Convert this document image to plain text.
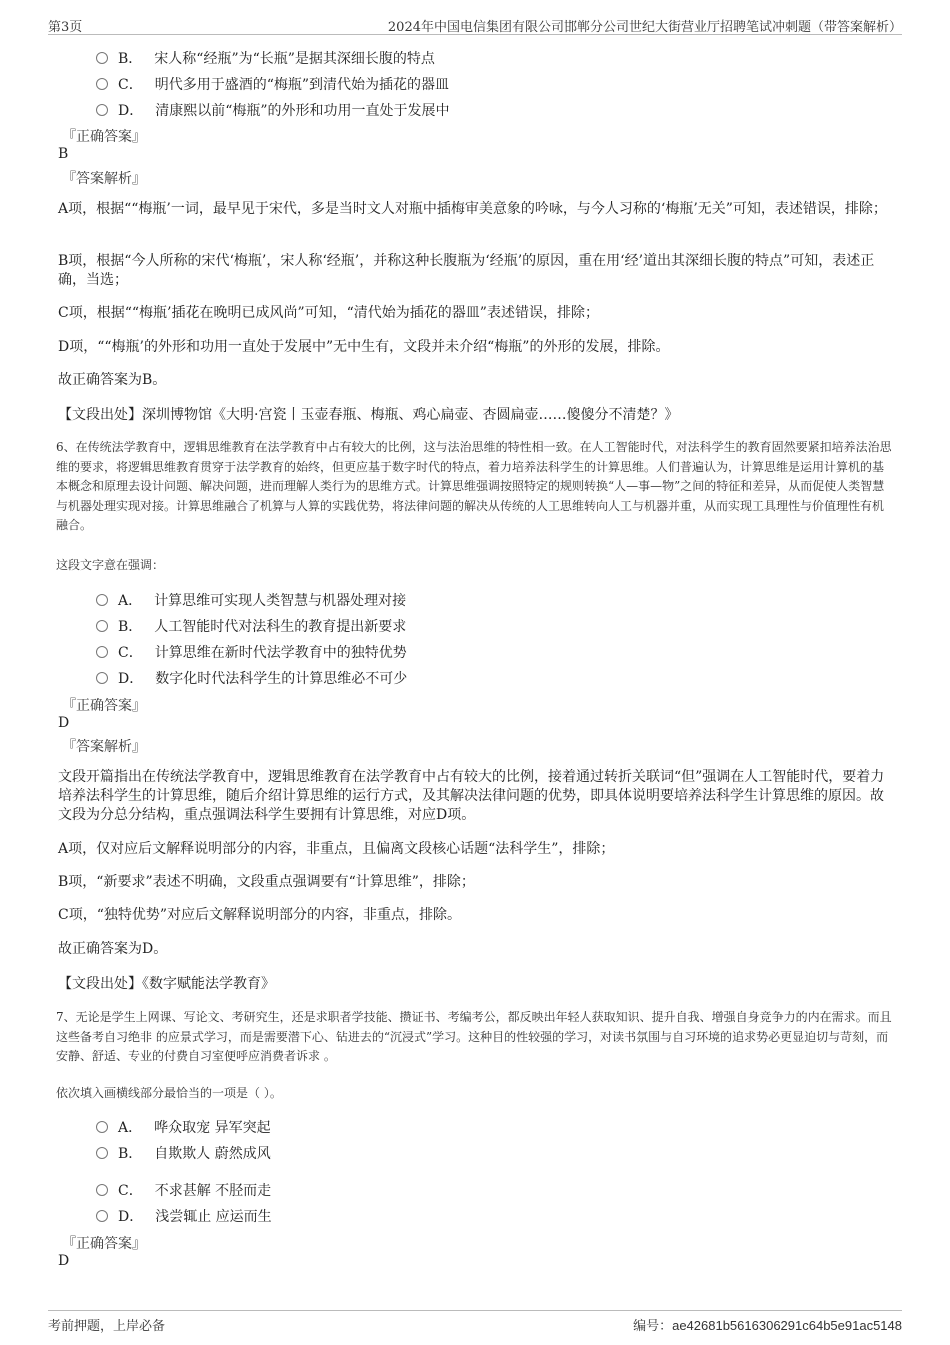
第3页	2024年中国电信集团有限公司邯郸分公司世纪大街营业厅招聘笔试冲刺题（带答案解析）
B． 宋人称“经瓶”为“长瓶”是据其深细长腹的特点
C． 明代多用于盛酒的“梅瓶”到清代始为插花的器皿
D． 清康熙以前“梅瓶”的外形和功用一直处于发展中
『正确答案』
B
『答案解析』
A项，根据““梅瓶’一词，最早见于宋代，多是当时文人对瓶中插梅审美意象的吟咏，与今人习称的‘梅瓶’无关”可知，表述错误，排除；
B项，根据“今人所称的宋代‘梅瓶’，宋人称‘经瓶’，并称这种长腹瓶为‘经瓶’的原因，重在用‘经’道出其深细长腹的特点”可知，表述正确，当选；
C项，根据““梅瓶’插花在晚明已成风尚”可知，“清代始为插花的器皿”表述错误，排除；
D项，““梅瓶’的外形和功用一直处于发展中”无中生有，文段并未介绍“梅瓶”的外形的发展，排除。
故正确答案为B。
【文段出处】深圳博物馆《大明·宫瓷丨玉壶春瓶、梅瓶、鸡心扁壶、杏圆扁壶……傻傻分不清楚？》
6、在传统法学教育中，逻辑思维教育在法学教育中占有较大的比例，这与法治思维的特性相一致。在人工智能时代，对法科学生的教育固然要紧扣培养法治思维的要求，将逻辑思维教育贯穿于法学教育的始终，但更应基于数字时代的特点，着力培养法科学生的计算思维。人们普遍认为，计算思维是运用计算机的基本概念和原理去设计问题、解决问题，进而理解人类行为的思维方式。计算思维强调按照特定的规则转换“人—事—物”之间的特征和差异，从而促使人类智慧与机器处理实现对接。计算思维融合了机算与人算的实践优势，将法律问题的解决从传统的人工思维转向人工与机器并重，从而实现工具理性与价值理性有机融合。
这段文字意在强调：
A． 计算思维可实现人类智慧与机器处理对接
B． 人工智能时代对法科生的教育提出新要求
C． 计算思维在新时代法学教育中的独特优势
D． 数字化时代法科学生的计算思维必不可少
『正确答案』
D
『答案解析』
文段开篇指出在传统法学教育中，逻辑思维教育在法学教育中占有较大的比例，接着通过转折关联词“但”强调在人工智能时代，要着力培养法科学生的计算思维，随后介绍计算思维的运行方式，及其解决法律问题的优势，即具体说明要培养法科学生计算思维的原因。故文段为分总分结构，重点强调法科学生要拥有计算思维，对应D项。
A项，仅对应后文解释说明部分的内容，非重点，且偏离文段核心话题“法科学生”，排除；
B项，“新要求”表述不明确，文段重点强调要有“计算思维”，排除；
C项，“独特优势”对应后文解释说明部分的内容，非重点，排除。
故正确答案为D。
【文段出处】《数字赋能法学教育》
7、无论是学生上网课、写论文、考研究生，还是求职者学技能、攒证书、考编考公，都反映出年轻人获取知识、提升自我、增强自身竞争力的内在需求。而且这些备考自习绝非 的应景式学习，而是需要潜下心、钻进去的“沉浸式”学习。这种目的性较强的学习，对读书氛围与自习环境的追求势必更显迫切与苛刻，而安静、舒适、专业的付费自习室便呼应消费者诉求 。
依次填入画横线部分最恰当的一项是（ ）。
A． 哗众取宠 异军突起
B． 自欺欺人 蔚然成风
C． 不求甚解 不胫而走
D． 浅尝辄止 应运而生
『正确答案』
D
考前押题，上岸必备	编号：ae42681b5616306291c64b5e91ac5148
